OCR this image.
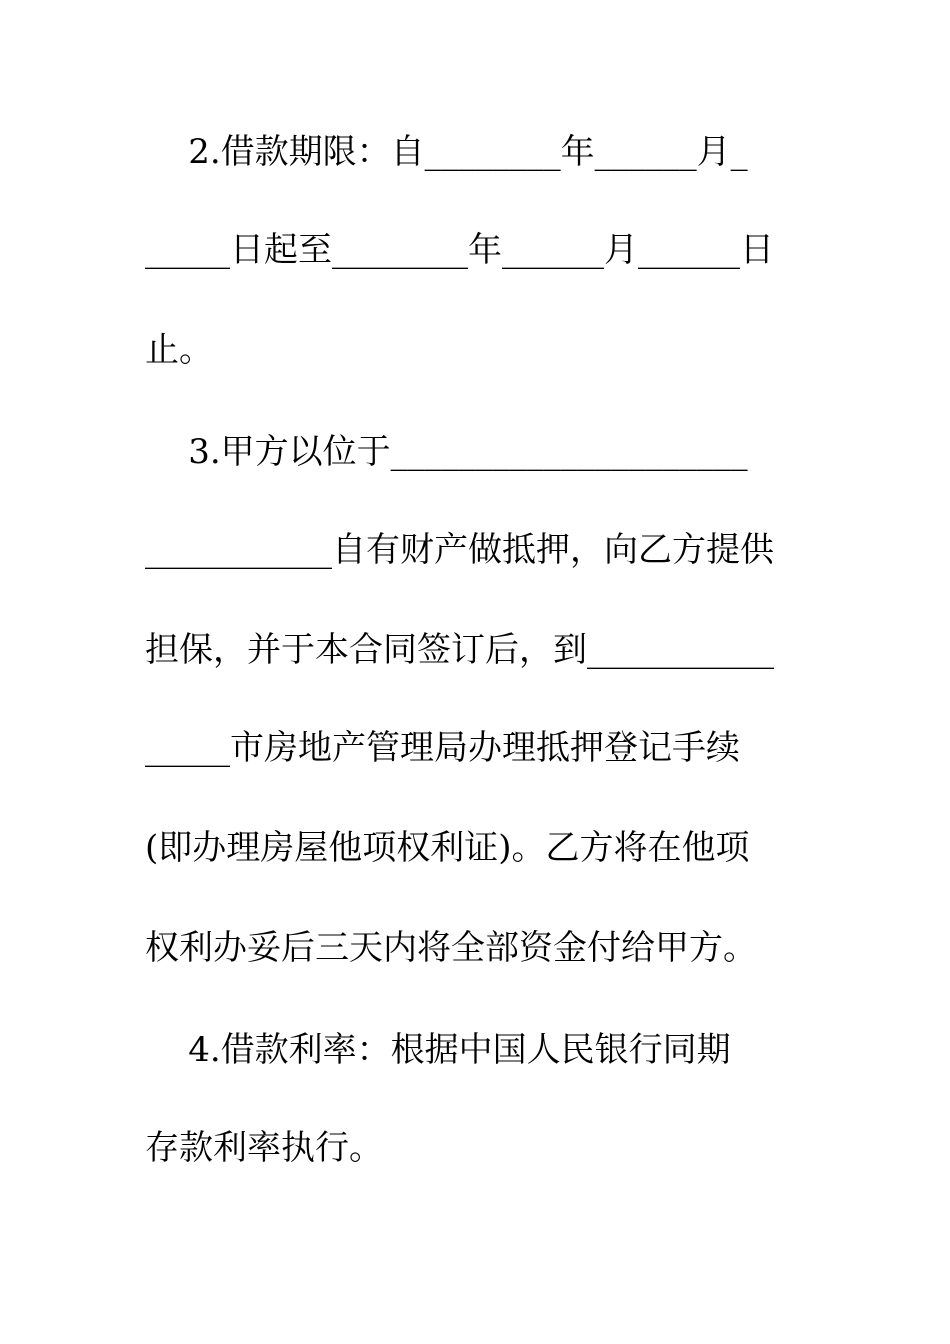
2.借款期限：自________年______月_
_____日起至________年______月______日
止。
3.甲方以位于_____________________
___________自有财产做抵押，向乙方提供
担保，并于本合同签订后，到___________
_____市房地产管理局办理抵押登记手续
(即办理房屋他项权利证)。乙方将在他项
权利办妥后三天内将全部资金付给甲方。
4.借款利率：根据中国人民银行同期
存款利率执行。
